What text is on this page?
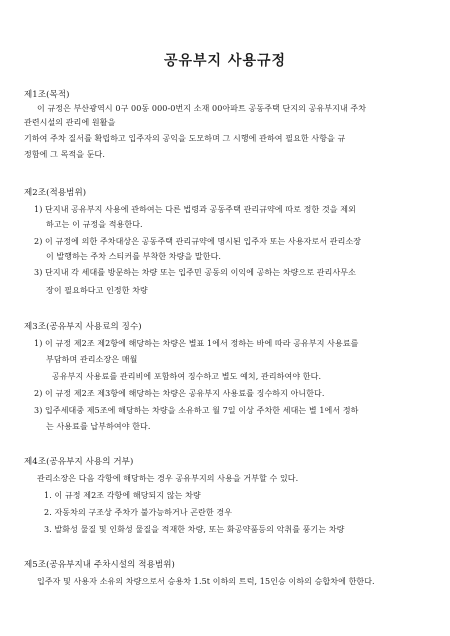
공유부지 사용규정
제1조(목적)
이 규정은 부산광역시 0구 00동 000-0번지 소재 00아파트 공동주택 단지의 공유부지내 주차
관련시설의 관리에 원활을
기하여 주차 질서를 확립하고 입주자의 공익을 도모하며 그 시행에 관하여 필요한 사항을 규
정함에 그 목적을 둔다.
제2조(적용범위)
1) 단지내 공유부지 사용에 관하여는 다른 법령과 공동주택 관리규약에 따로 정한 것을 제외
하고는 이 규정을 적용한다.
2) 이 규정에 의한 주차대상은 공동주택 관리규약에 명시된 입주자 또는 사용자로서 관리소장
이 발행하는 주차 스티커를 부착한 차량을 말한다.
3) 단지내 각 세대를 방문하는 차량 또는 입주민 공동의 이익에 공하는 차량으로 관리사무소
장이 필요하다고 인정한 차량
제3조(공유부지 사용료의 징수)
1) 이 규정 제2조 제2항에 해당하는 차량은 별표 1에서 정하는 바에 따라 공유부지 사용료를
부담하며 관리소장은 매월
공유부지 사용료를 관리비에 포함하여 징수하고 별도 예치, 관리하여야 한다.
2) 이 규정 제2조 제3항에 해당하는 차량은 공유부지 사용료를 징수하지 아니한다.
3) 입주세대중 제5조에 해당하는 차량을 소유하고 월 7일 이상 주차한 세대는 별 1에서 정하
는 사용료를 납부하여야 한다.
제4조(공유부지 사용의 거부)
관리소장은 다음 각항에 해당하는 경우 공유부지의 사용을 거부할 수 있다.
1. 이 규정 제2조 각항에 해당되지 않는 차량
2. 자동차의 구조상 주차가 불가능하거나 곤란한 경우
3. 발화성 물질 및 인화성 물질을 적재한 차량, 또는 화공약품등의 악취를 풍기는 차량
제5조(공유부지내 주차시설의 적용범위)
입주자 및 사용자 소유의 차량으로서 승용차 1.5t 이하의 트럭, 15인승 이하의 승합차에 한한다.
